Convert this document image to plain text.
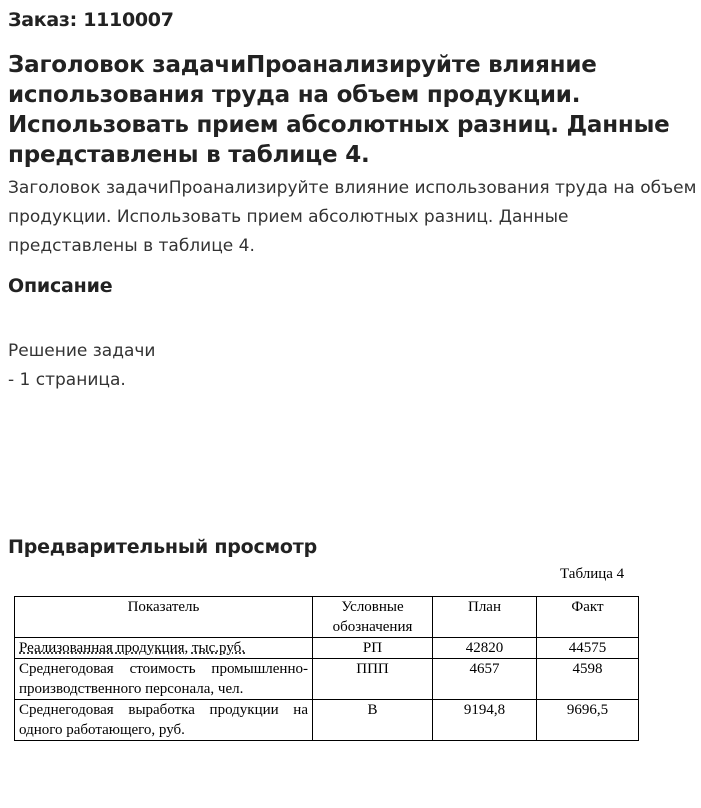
Заказ: 1110007
Заголовок задачиПроанализируйте влияние использования труда на объем продукции. Использовать прием абсолютных разниц. Данные представлены в таблице 4.
Заголовок задачиПроанализируйте влияние использования труда на объем продукции. Использовать прием абсолютных разниц. Данные представлены в таблице 4.
Описание
Решение задачи
- 1 страница.
Предварительный просмотр
Таблица 4
Показатель	Условные обозначения	План	Факт
Реализованная продукция, тыс.руб.	РП	42820	44575
Среднегодовая стоимость промышленно-производственного персонала, чел.	ППП	4657	4598
Среднегодовая выработка продукции на одного работающего, руб.	В	9194,8	9696,5
